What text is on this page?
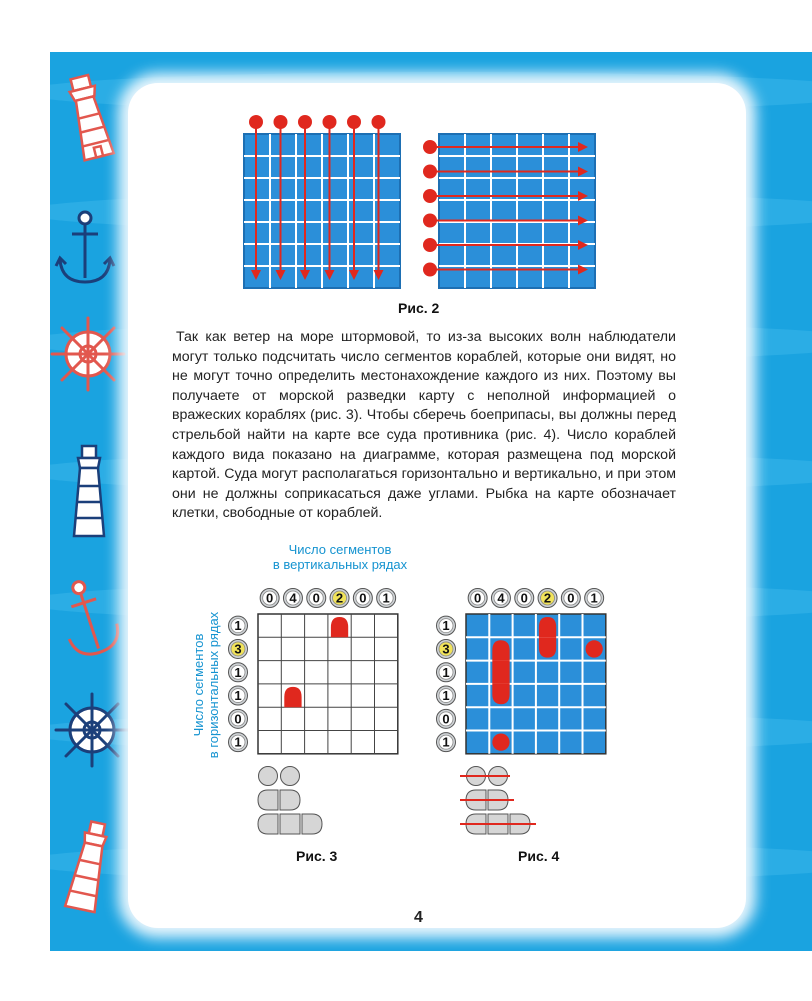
Рис. 2

Так как ветер на море штормовой, то из-за высоких волн наблюдатели могут только подсчитать число сегментов кораблей, которые они видят, но не могут точно определить местонахождение каждого из них. Поэтому вы получаете от морской разведки карту с неполной информацией о вражеских кораблях (рис. 3). Чтобы сберечь боеприпасы, вы должны перед стрельбой найти на карте все суда противника (рис. 4). Число кораблей каждого вида показано на диаграмме, которая размещена под морской картой. Суда могут располагаться горизонтально и вертикально, и при этом они не должны соприкасаться даже углами. Рыбка на карте обозначает клетки, свободные от кораблей.

Число сегментов
в вертикальных рядах
Число сегментов в горизонтальных рядах
0 4 0 2 0 1
1
3
1
1
0
1
0 4 0 2 0 1
1
3
1
1
0
1
Рис. 3	Рис. 4
4
